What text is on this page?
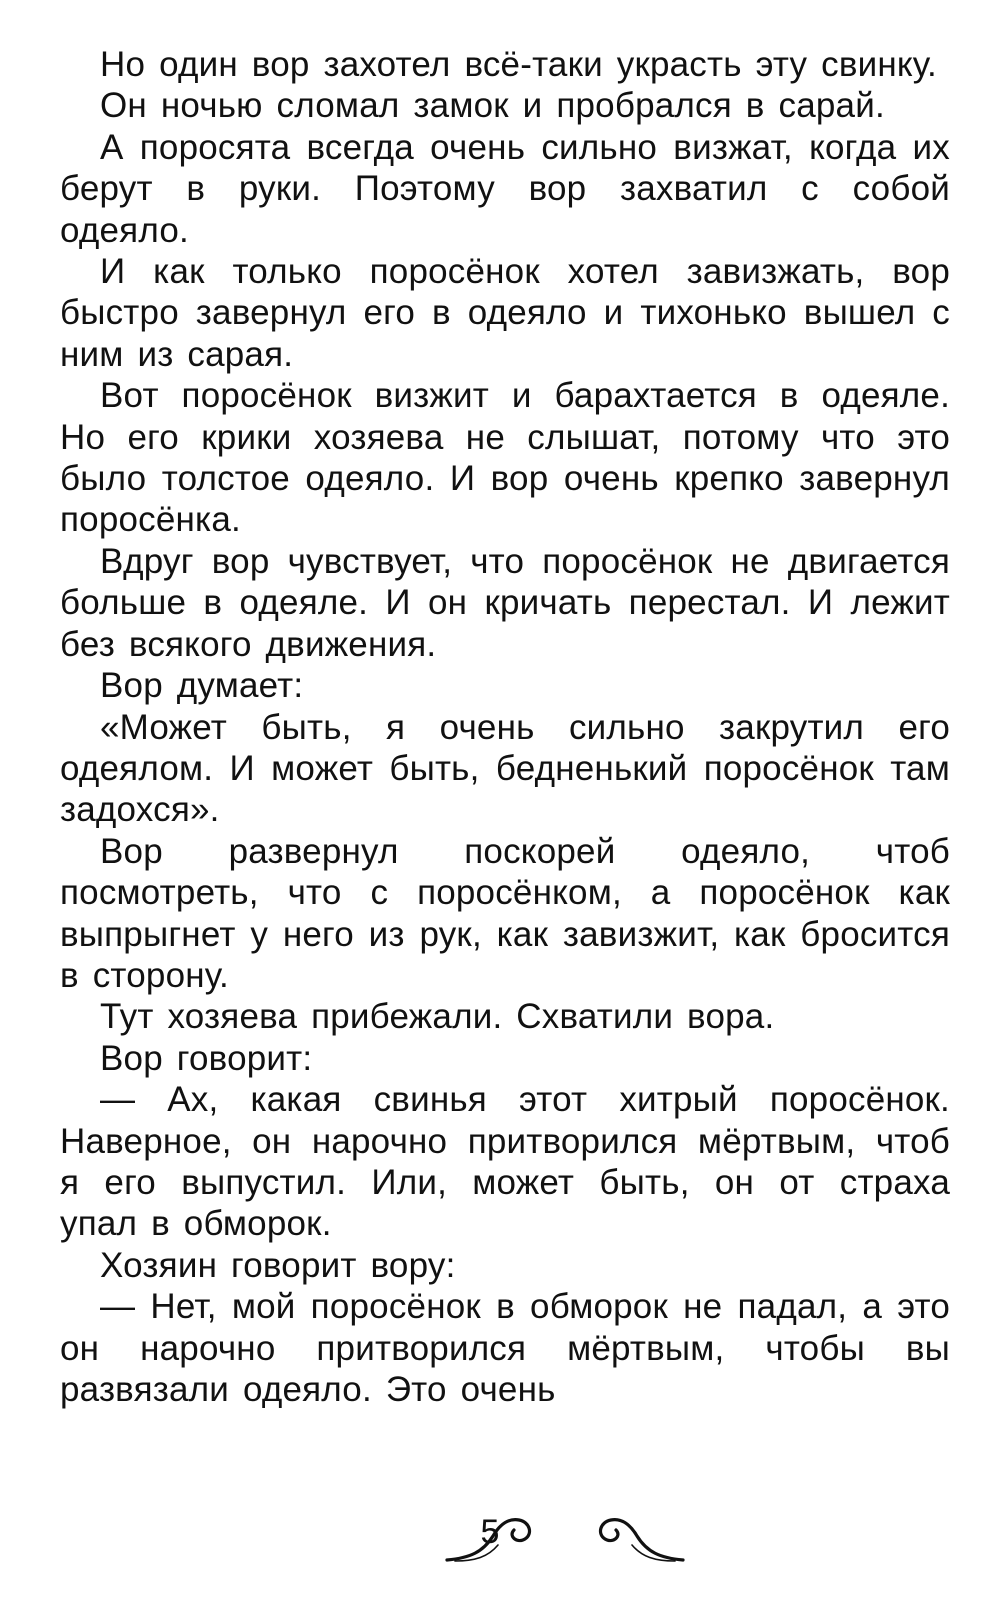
Но один вор захотел всё-таки украсть эту свинку.

Он ночью сломал замок и пробрался в сарай.

А поросята всегда очень сильно визжат, когда их берут в руки. Поэтому вор захватил с собой одеяло.

И как только поросёнок хотел завизжать, вор быстро завернул его в одеяло и тихонько вышел с ним из сарая.

Вот поросёнок визжит и барахтается в одеяле. Но его крики хозяева не слышат, потому что это было толстое одеяло. И вор очень крепко завернул поросёнка.

Вдруг вор чувствует, что поросёнок не двигается больше в одеяле. И он кричать перестал. И лежит без всякого движения.

Вор думает:

«Может быть, я очень сильно закрутил его одеялом. И может быть, бедненький поросёнок там задохся».

Вор развернул поскорей одеяло, чтоб посмотреть, что с поросёнком, а поросёнок как выпрыгнет у него из рук, как завизжит, как бросится в сторону.

Тут хозяева прибежали. Схватили вора.

Вор говорит:

— Ах, какая свинья этот хитрый поросёнок. Наверное, он нарочно притворился мёртвым, чтоб я его выпустил. Или, может быть, он от страха упал в обморок.

Хозяин говорит вору:

— Нет, мой поросёнок в обморок не падал, а это он нарочно притворился мёртвым, чтобы вы развязали одеяло. Это очень

5
